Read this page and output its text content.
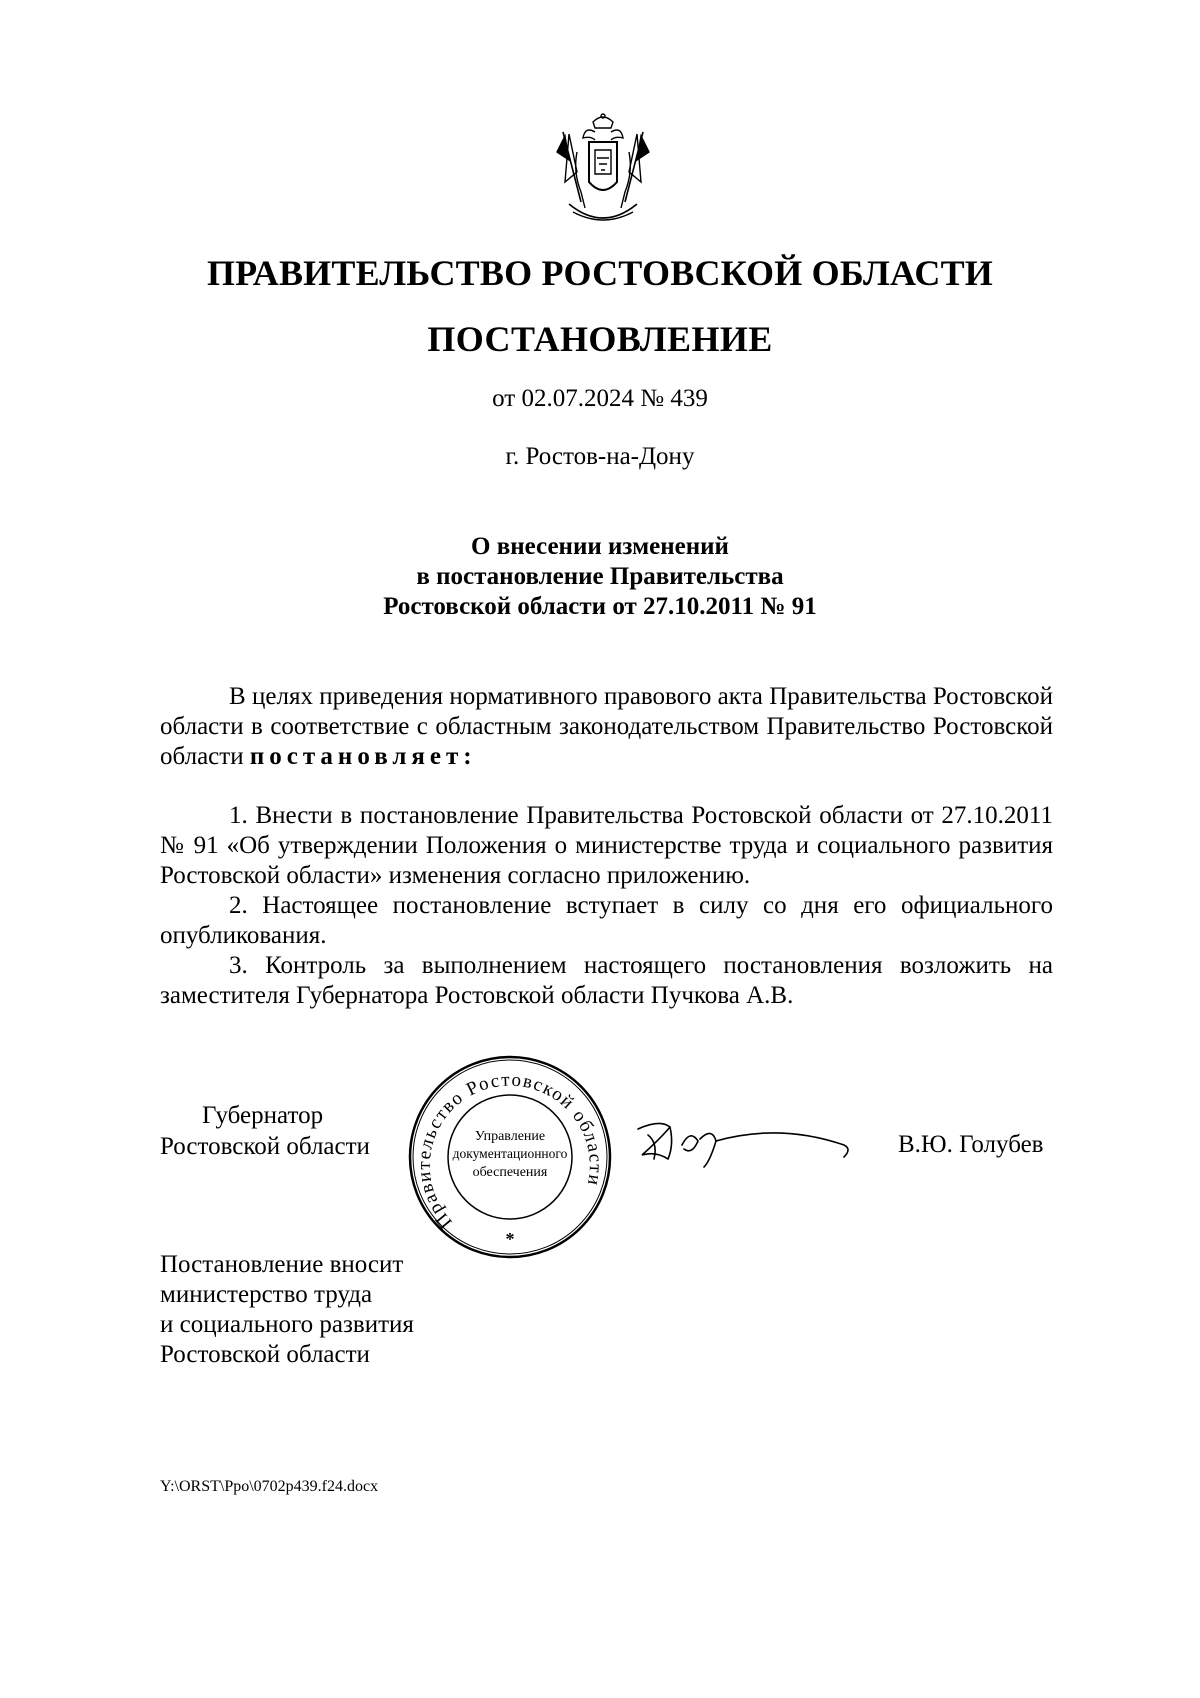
ПРАВИТЕЛЬСТВО РОСТОВСКОЙ ОБЛАСТИ
ПОСТАНОВЛЕНИЕ
от 02.07.2024 № 439
г. Ростов-на-Дону
О внесении изменений
в постановление Правительства
Ростовской области от 27.10.2011 № 91

В целях приведения нормативного правового акта Правительства Ростовской области в соответствие с областным законодательством Правительство Ростовской области постановляет:

1. Внести в постановление Правительства Ростовской области от 27.10.2011 № 91 «Об утверждении Положения о министерстве труда и социального развития Ростовской области» изменения согласно приложению.

2. Настоящее постановление вступает в силу со дня его официального опубликования.

3. Контроль за выполнением настоящего постановления возложить на заместителя Губернатора Ростовской области Пучкова А.В.

Губернатор
Ростовской области
Правительство Ростовской области
Управление
документационного
обеспечения
*
В.Ю. Голубев
Постановление вносит
министерство труда
и социального развития
Ростовской области
Y:\ORST\Ppo\0702p439.f24.docx
